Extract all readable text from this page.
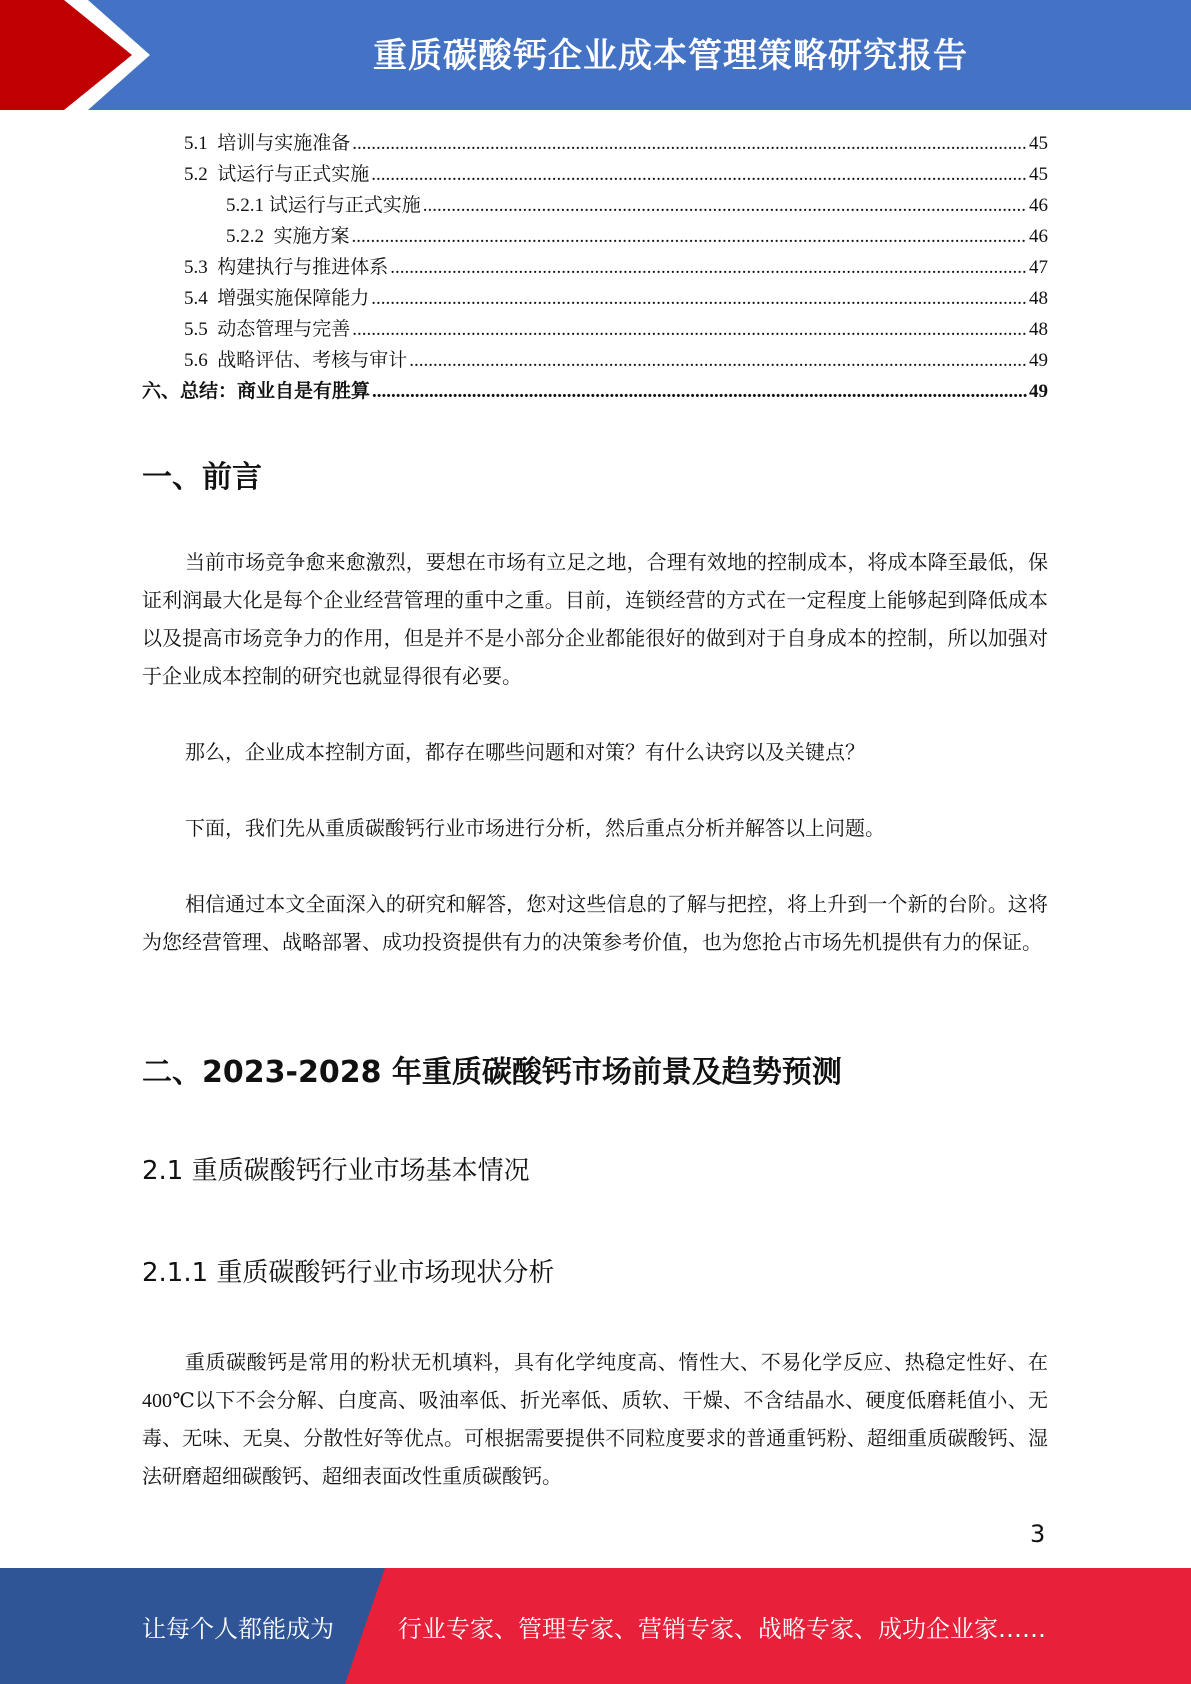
重质碳酸钙企业成本管理策略研究报告
5.1 培训与实施准备 .....	45
5.2 试运行与正式实施 .....	45
5.2.1 试运行与正式实施 .....	46
5.2.2 实施方案 .....	46
5.3 构建执行与推进体系 .....	47
5.4 增强实施保障能力 .....	48
5.5 动态管理与完善 .....	48
5.6 战略评估、考核与审计 .....	49
六、总结：商业自是有胜算 .....	49
一、前言
当前市场竞争愈来愈激烈，要想在市场有立足之地，合理有效地的控制成本，将成本降至最低，保证利润最大化是每个企业经营管理的重中之重。目前，连锁经营的方式在一定程度上能够起到降低成本以及提高市场竞争力的作用，但是并不是小部分企业都能很好的做到对于自身成本的控制，所以加强对于企业成本控制的研究也就显得很有必要。
那么，企业成本控制方面，都存在哪些问题和对策？有什么诀窍以及关键点？
下面，我们先从重质碳酸钙行业市场进行分析，然后重点分析并解答以上问题。
相信通过本文全面深入的研究和解答，您对这些信息的了解与把控，将上升到一个新的台阶。这将为您经营管理、战略部署、成功投资提供有力的决策参考价值，也为您抢占市场先机提供有力的保证。
二、2023-2028 年重质碳酸钙市场前景及趋势预测
2.1 重质碳酸钙行业市场基本情况
2.1.1 重质碳酸钙行业市场现状分析
重质碳酸钙是常用的粉状无机填料，具有化学纯度高、惰性大、不易化学反应、热稳定性好、在 400℃以下不会分解、白度高、吸油率低、折光率低、质软、干燥、不含结晶水、硬度低磨耗值小、无毒、无味、无臭、分散性好等优点。可根据需要提供不同粒度要求的普通重钙粉、超细重质碳酸钙、湿法研磨超细碳酸钙、超细表面改性重质碳酸钙。
3
让每个人都能成为	行业专家、管理专家、营销专家、战略专家、成功企业家……
